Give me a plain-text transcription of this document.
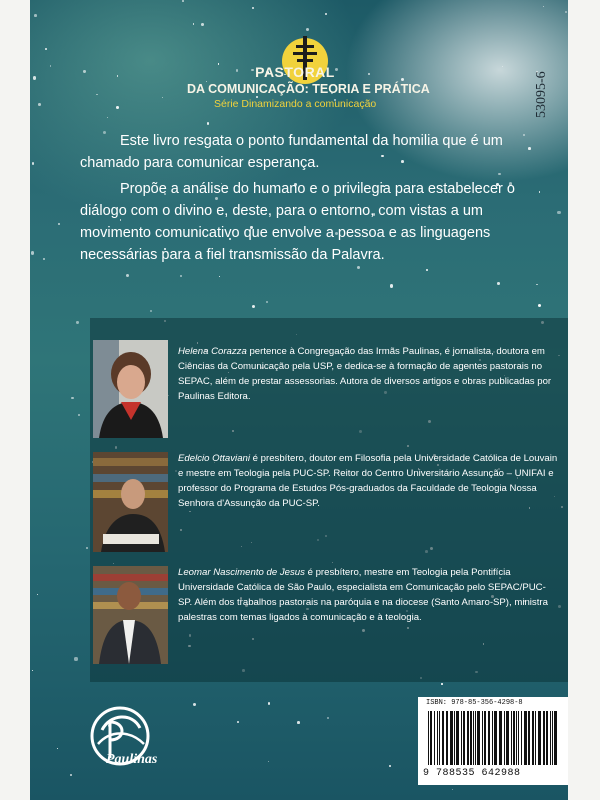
53095-6
PASTORAL
DA COMUNICAÇÃO: TEORIA E PRÁTICA
Série Dinamizando a comunicação

Este livro resgata o ponto fundamental da homilia que é um chamado para comunicar esperança.

Propõe a análise do humano e o privilegia para estabelecer o diálogo com o divino e, deste, para o entorno, com vistas a um movimento comunicativo que envolve a pessoa e as linguagens necessárias para a fiel transmissão da Palavra.

Helena Corazza pertence à Congregação das Irmãs Paulinas, é jornalista, doutora em Ciências da Comunicação pela USP, e dedica-se à formação de agentes pastorais no SEPAC, além de prestar assessorias. Autora de diversos artigos e obras publicadas por Paulinas Editora.
Edelcio Ottaviani é presbítero, doutor em Filosofia pela Universidade Católica de Louvain e mestre em Teologia pela PUC-SP. Reitor do Centro Universitário Assunção – UNIFAI e professor do Programa de Estudos Pós-graduados da Faculdade de Teologia Nossa Senhora d'Assunção da PUC-SP.
Leomar Nascimento de Jesus é presbítero, mestre em Teologia pela Pontifícia Universidade Católica de São Paulo, especialista em Comunicação pelo SEPAC/PUC-SP. Além dos trabalhos pastorais na paróquia e na diocese (Santo Amaro-SP), ministra palestras com temas ligados à comunicação e à teologia.
Paulinas
ISBN: 978-85-356-4298-8
9 788535 642988
